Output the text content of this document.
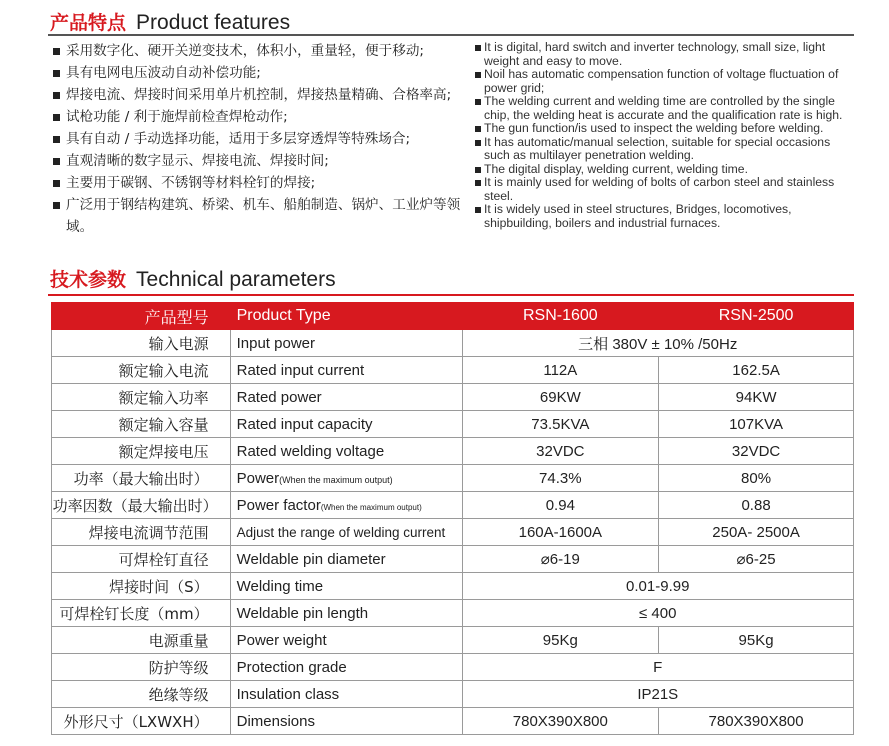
产品特点 Product features
采用数字化、硬开关逆变技术，体积小，重量轻，便于移动;
具有电网电压波动自动补偿功能;
焊接电流、焊接时间采用单片机控制，焊接热量精确、合格率高;
试枪功能 / 利于施焊前检查焊枪动作;
具有自动 / 手动选择功能，适用于多层穿透焊等特殊场合;
直观清晰的数字显示、焊接电流、焊接时间;
主要用于碳钢、不锈钢等材料栓钉的焊接;
广泛用于钢结构建筑、桥梁、机车、船舶制造、锅炉、工业炉等领域。
It is digital, hard switch and inverter technology, small size, light weight and easy to move.
Noil has automatic compensation function of voltage fluctuation of power grid;
The welding current and welding time are controlled by the single chip, the welding heat is accurate and the qualification rate is high.
The gun function/is used to inspect the welding before welding.
It has automatic/manual selection, suitable for special occasions such as multilayer penetration welding.
The digital display, welding current, welding time.
It is mainly used for welding of bolts of carbon steel and stainless steel.
It is widely used in steel structures, Bridges, locomotives, shipbuilding, boilers and industrial furnaces.
技术参数 Technical parameters
产品型号	Product Type	RSN-1600	RSN-2500
输入电源	Input power	三相 380V ± 10% /50Hz	
额定输入电流	Rated input current	112A	162.5A
额定输入功率	Rated power	69KW	94KW
额定输入容量	Rated input capacity	73.5KVA	107KVA
额定焊接电压	Rated welding voltage	32VDC	32VDC
功率（最大输出时）	Power(When the maximum output)	74.3%	80%
功率因数（最大输出时）	Power factor(When the maximum output)	0.94	0.88
焊接电流调节范围	Adjust the range of welding current	160A-1600A	250A- 2500A
可焊栓钉直径	Weldable pin diameter	⌀6-19	⌀6-25
焊接时间（S）	Welding time	0.01-9.99	
可焊栓钉长度（mm）	Weldable pin length	≤ 400	
电源重量	Power weight	95Kg	95Kg
防护等级	Protection grade	F	
绝缘等级	Insulation class	IP21S	
外形尺寸（LXWXH）	Dimensions	780X390X800	780X390X800
